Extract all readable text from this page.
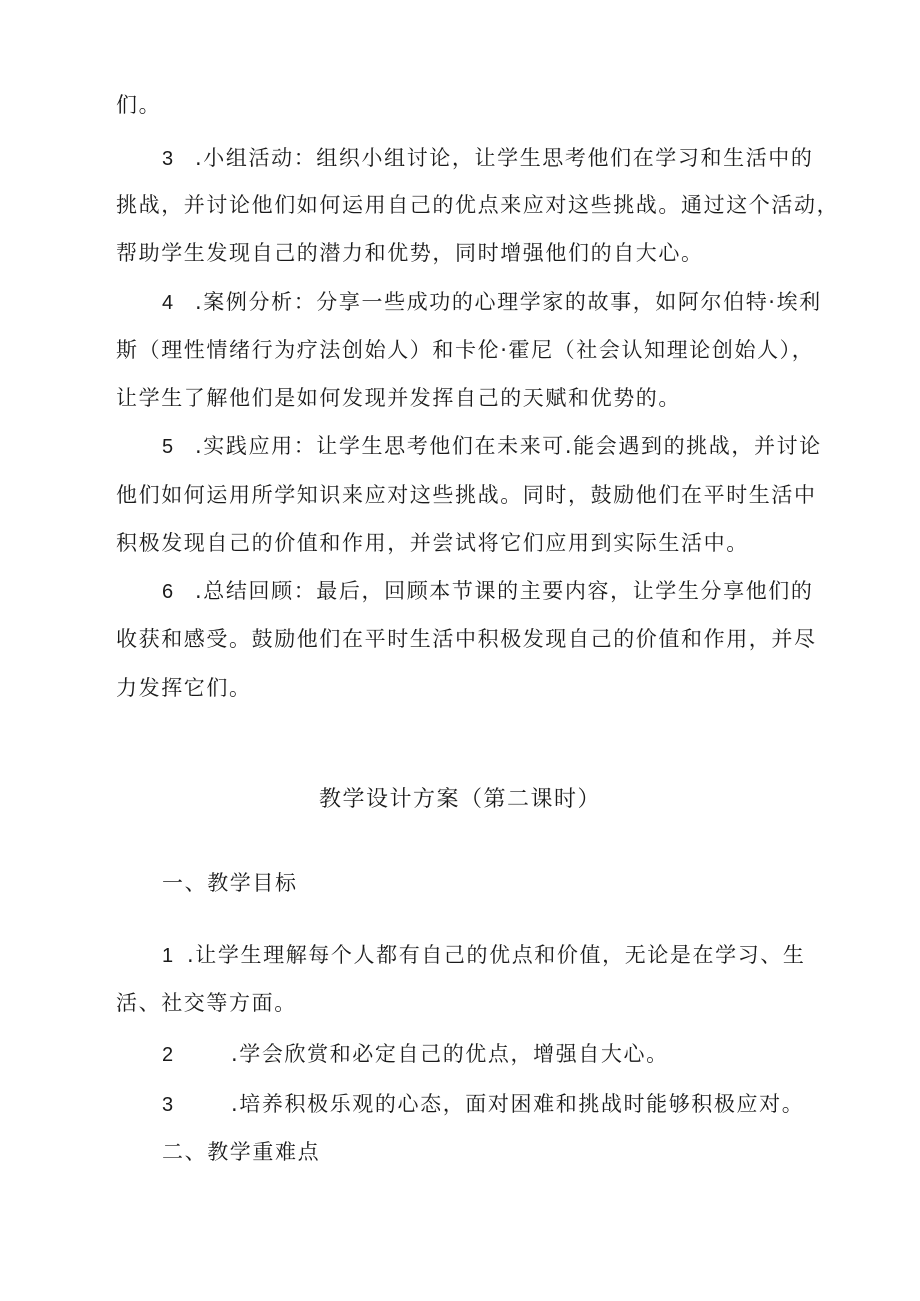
们。
3 .小组活动：组织小组讨论，让学生思考他们在学习和生活中的
挑战，并讨论他们如何运用自己的优点来应对这些挑战。通过这个活动，
帮助学生发现自己的潜力和优势，同时增强他们的自大心。
4 .案例分析：分享一些成功的心理学家的故事，如阿尔伯特·埃利
斯（理性情绪行为疗法创始人）和卡伦·霍尼（社会认知理论创始人），
让学生了解他们是如何发现并发挥自己的天赋和优势的。
5 .实践应用：让学生思考他们在未来可.能会遇到的挑战，并讨论
他们如何运用所学知识来应对这些挑战。同时，鼓励他们在平时生活中
积极发现自己的价值和作用，并尝试将它们应用到实际生活中。
6 .总结回顾：最后，回顾本节课的主要内容，让学生分享他们的
收获和感受。鼓励他们在平时生活中积极发现自己的价值和作用，并尽
力发挥它们。
教学设计方案（第二课时）
一、教学目标
1 .让学生理解每个人都有自己的优点和价值，无论是在学习、生
活、社交等方面。
2	.学会欣赏和必定自己的优点，增强自大心。
3	.培养积极乐观的心态，面对困难和挑战时能够积极应对。
二、教学重难点
